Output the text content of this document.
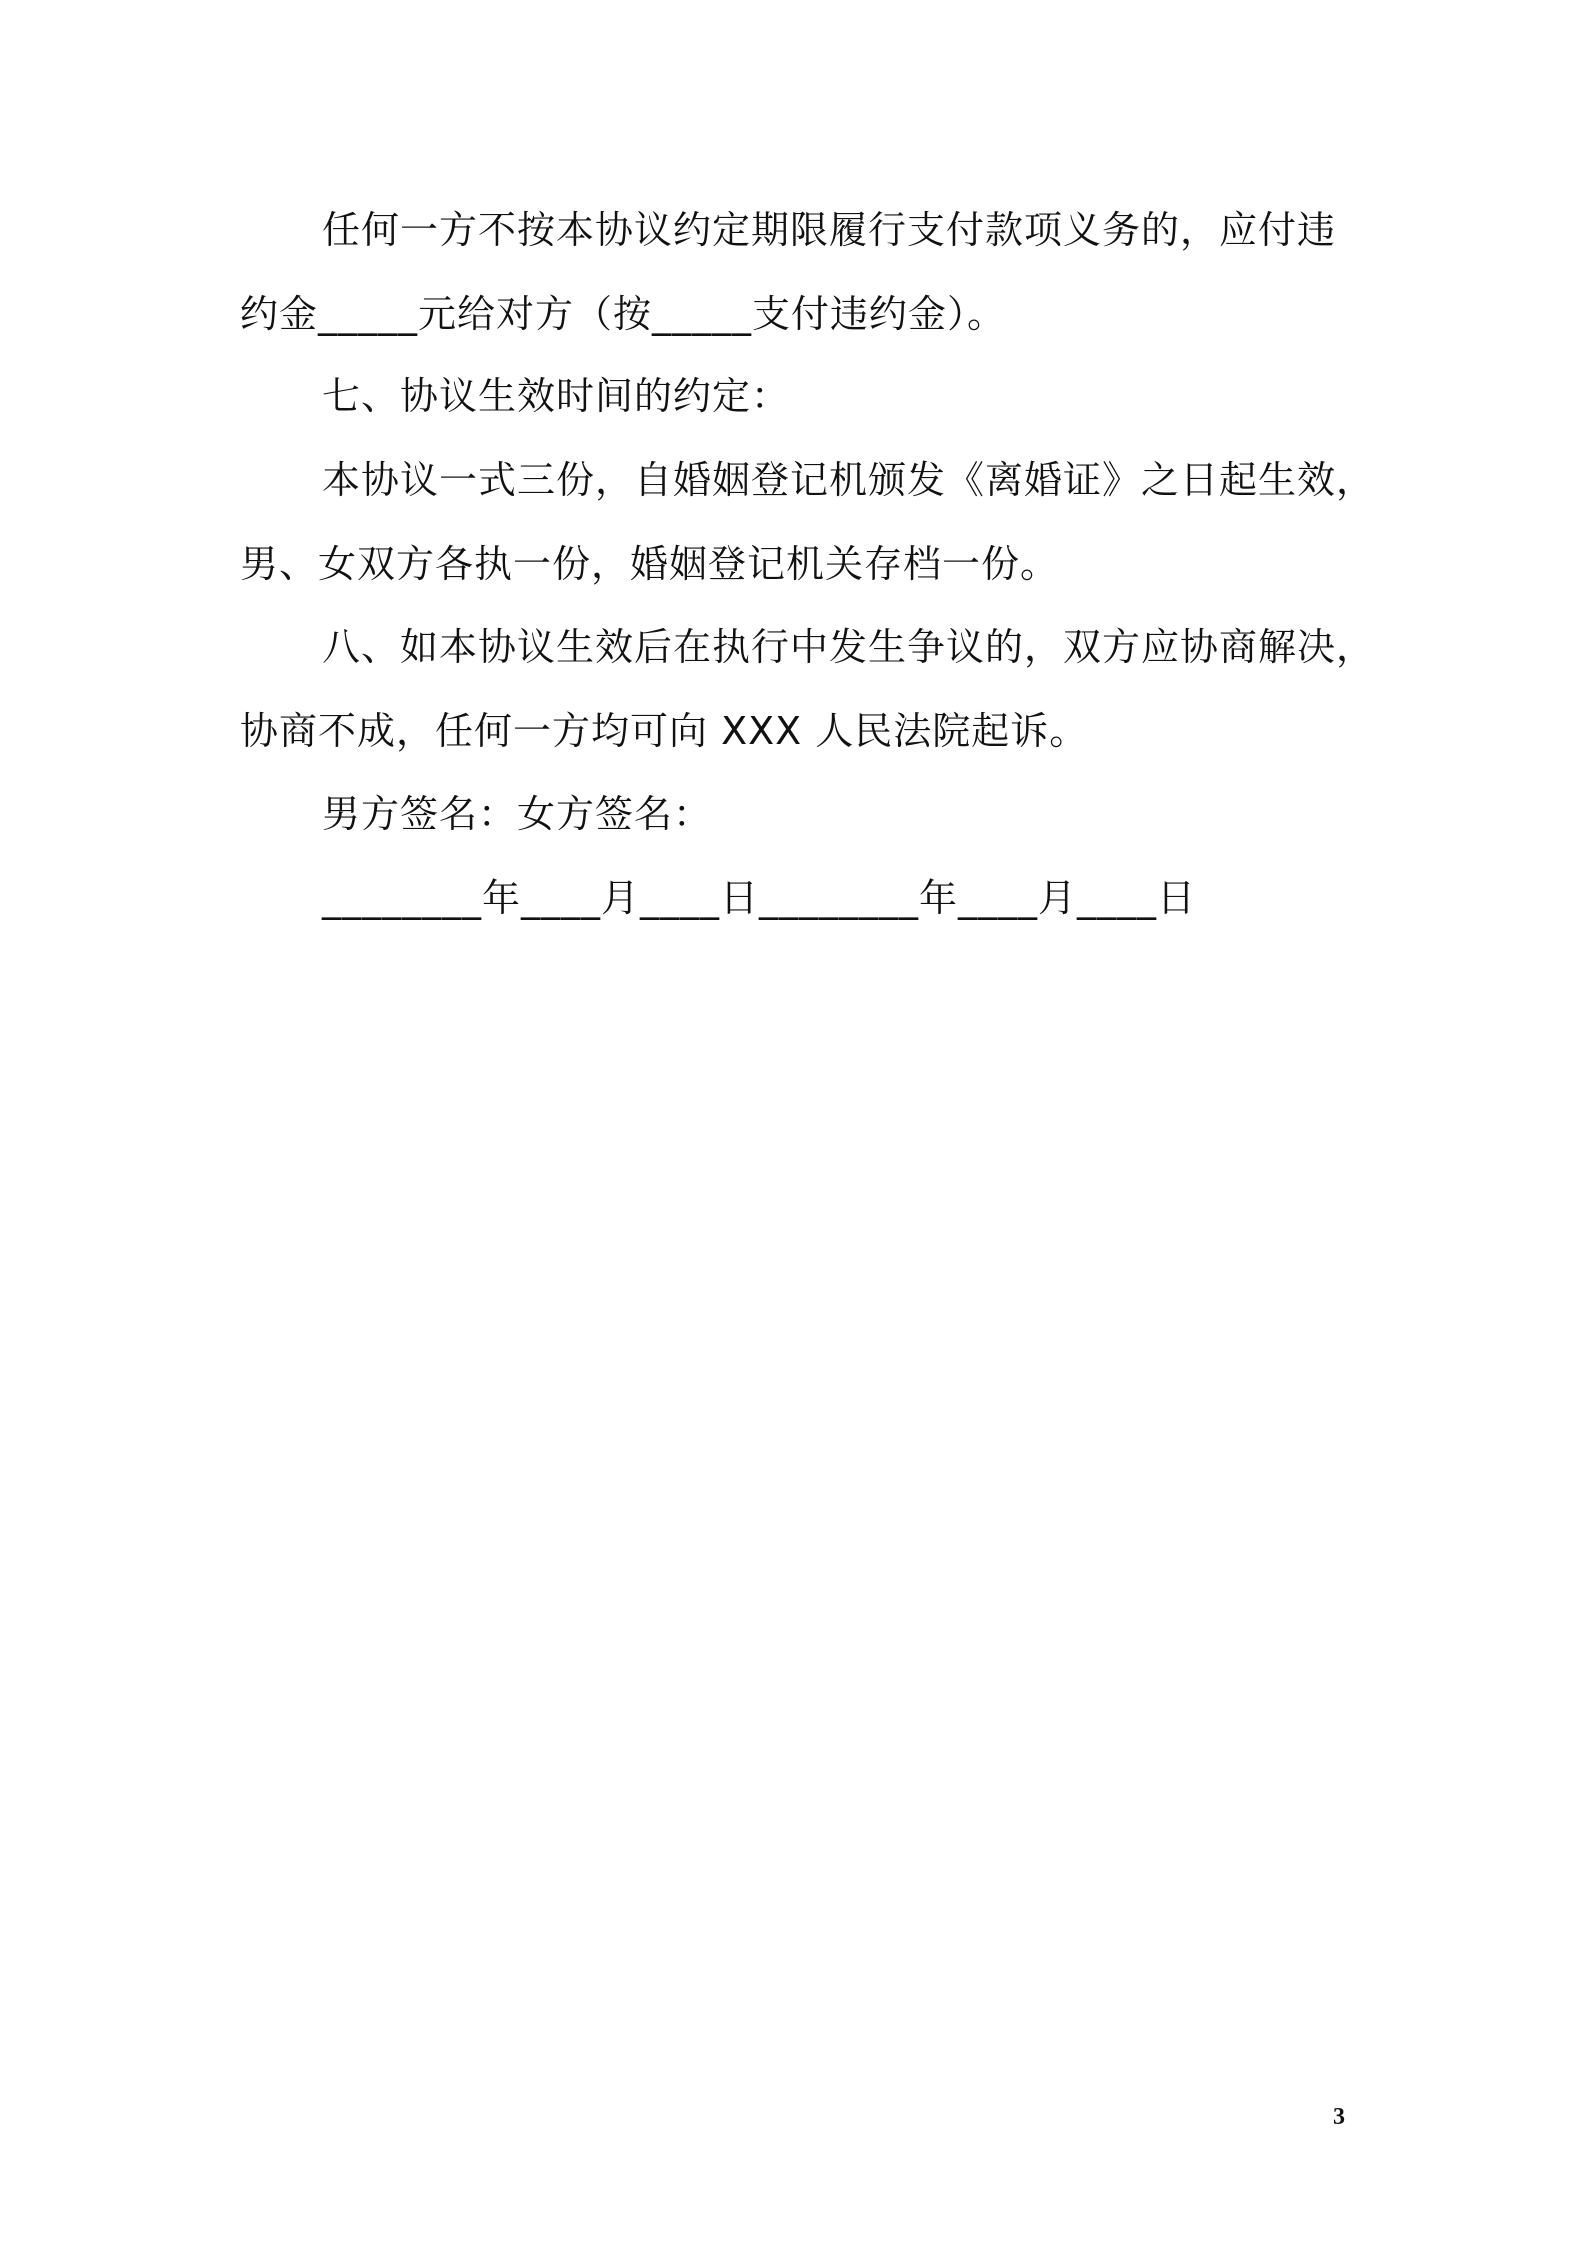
任何一方不按本协议约定期限履行支付款项义务的，应付违
约金_____元给对方（按_____支付违约金）。
七、协议生效时间的约定：
本协议一式三份，自婚姻登记机颁发《离婚证》之日起生效，
男、女双方各执一份，婚姻登记机关存档一份。
八、如本协议生效后在执行中发生争议的，双方应协商解决，
协商不成，任何一方均可向 XXX 人民法院起诉。
男方签名：女方签名：
________年____月____日________年____月____日
3
